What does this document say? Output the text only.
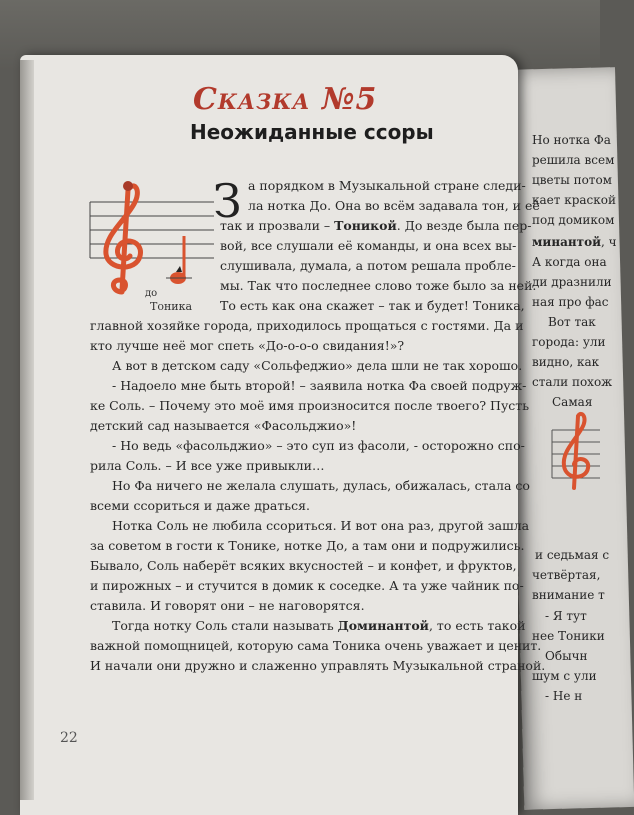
Сказка №5
Неожиданные ссоры
до
Тоника
З а порядком в Музыкальной стране следи-
ла нотка До. Она во всём задавала тон, и её
так и прозвали – Тоникой. До везде была пер-
вой, все слушали её команды, и она всех вы-
слушивала, думала, а потом решала пробле-
мы. Так что последнее слово тоже было за ней.
То есть как она скажет – так и будет! Тоника,
главной хозяйке города, приходилось прощаться с гостями. Да и
кто лучше неё мог спеть «До-о-о-о свидания!»?
А вот в детском саду «Сольфеджио» дела шли не так хорошо.
- Надоело мне быть второй! – заявила нотка Фа своей подруж-
ке Соль. – Почему это моё имя произносится после твоего? Пусть
детский сад называется «Фасольджио»!
- Но ведь «фасольджио» – это суп из фасоли, - осторожно спо-
рила Соль. – И все уже привыкли…
Но Фа ничего не желала слушать, дулась, обижалась, стала со
всеми ссориться и даже драться.
Нотка Соль не любила ссориться. И вот она раз, другой зашла
за советом в гости к Тонике, нотке До, а там они и подружились.
Бывало, Соль наберёт всяких вкусностей – и конфет, и фруктов,
и пирожных – и стучится в домик к соседке. А та уже чайник по-
ставила. И говорят они – не наговорятся.
Тогда нотку Соль стали называть Доминантой, то есть такой
важной помощницей, которую сама Тоника очень уважает и ценит.
И начали они дружно и слаженно управлять Музыкальной страной.
22
Но нотка Фа
решила всем
цветы потом
кает краской
под домиком
минантой
А когда она
ди дразнили
ная про фас
Вот так
города: ули
видно, как
стали похож
Самая
и седьмая с
четвёртая,
внимание т
- Я тут
нее Тоники
Обычн
шум с ули
- Не н
